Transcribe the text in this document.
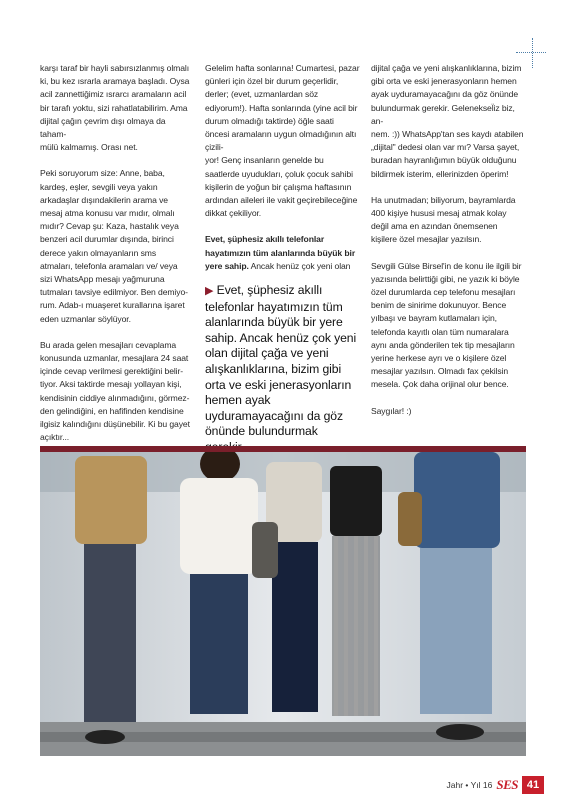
karşı taraf bir hayli sabırsızlanmış olmalı ki, bu kez ısrarla aramaya başladı. Oysa acil zannettiğimiz ısrarcı aramaların acil bir tarafı yoktu, sizi rahatlatabilirim. Ama dijital çağın çevrim dışı olmaya da taham-
mülü kalmamış. Orası net.

Peki soruyorum size: Anne, baba, kardeş, eşler, sevgili veya yakın arkadaşlar dışındakilerin arama ve mesaj atma konusu var mıdır, olmalı mıdır? Cevap şu: Kaza, hastalık veya benzeri acil durumlar dışında, birinci derece yakın olmayanların sms atmaları, telefonla aramaları ve/ veya sizi WhatsApp mesajı yağmuruna tutmaları tavsiye edilmiyor. Ben demiyo-
rum. Adab-ı muaşeret kurallarına işaret eden uzmanlar söylüyor.

Bu arada gelen mesajları cevaplama konusunda uzmanlar, mesajlara 24 saat içinde cevap verilmesi gerektiğini belir-
tiyor. Aksi taktirde mesajı yollayan kişi, kendisinin ciddiye alınmadığını, görmez-
den gelindiğini, en hafifinden kendisine ilgisiz kalındığını düşünebilir. Ki bu gayet açıktır...

Gelelim hafta sonlarına! Cumartesi, pazar günleri için özel bir durum geçerlidir, derler; (evet, uzmanlardan söz ediyorum!). Hafta sonlarında (yine acil bir durum olmadığı taktirde) öğle saati öncesi aramaların uygun olmadığının altı çizili-
yor! Genç insanların genelde bu saatlerde uyudukları, çoluk çocuk sahibi kişilerin de yoğun bir çalışma haftasının ardından aileleri ile vakit geçirebileceğine dikkat çekiliyor.

Evet, şüphesiz akıllı telefonlar hayatımızın tüm alanlarında büyük bir yere sahip. Ancak henüz çok yeni olan

▶ Evet, şüphesiz akıllı telefonlar hayatımızın tüm alanlarında büyük bir yere sahip. Ancak henüz çok yeni olan dijital çağa ve yeni alışkanlıklarına, bizim gibi orta ve eski jenerasyonların hemen ayak uyduramayacağını da göz önünde bulundurmak

dijital çağa ve yeni alışkanlıklarına, bizim gibi orta ve eski jenerasyonların hemen ayak uyduramayacağını da göz önünde bulundurmak gerekir. Geleneksel̈iz biz, an-
nem. :)) WhatsApp'tan ses kaydı atabilen „dijital" dedesi olan var mı? Varsa şayet, buradan hayranlığımın büyük olduğunu bildirmek isterim, ellerinizden öperim!

Ha unutmadan; biliyorum, bayramlarda 400 kişiye hususi mesaj atmak kolay değil ama en azından önemsenen kişilere özel mesajlar yazılsın.

Sevgili Gülse Birsel'in de konu ile ilgili bir yazısında belirttiği gibi, ne yazık ki böyle özel durumlarda cep telefonu mesajları benim de sinirime dokunuyor. Bence yılbaşı ve bayram kutlamaları için, telefonda kayıtlı olan tüm numaralara aynı anda gönderilen tek tip mesajların yerine herkese ayrı ve o kişilere özel mesajlar yazılsın. Olmadı fax çekilsin mesela. Çok daha orijinal olur bence.

Saygılar! :)

Jahr • Yıl 16 SES 41
